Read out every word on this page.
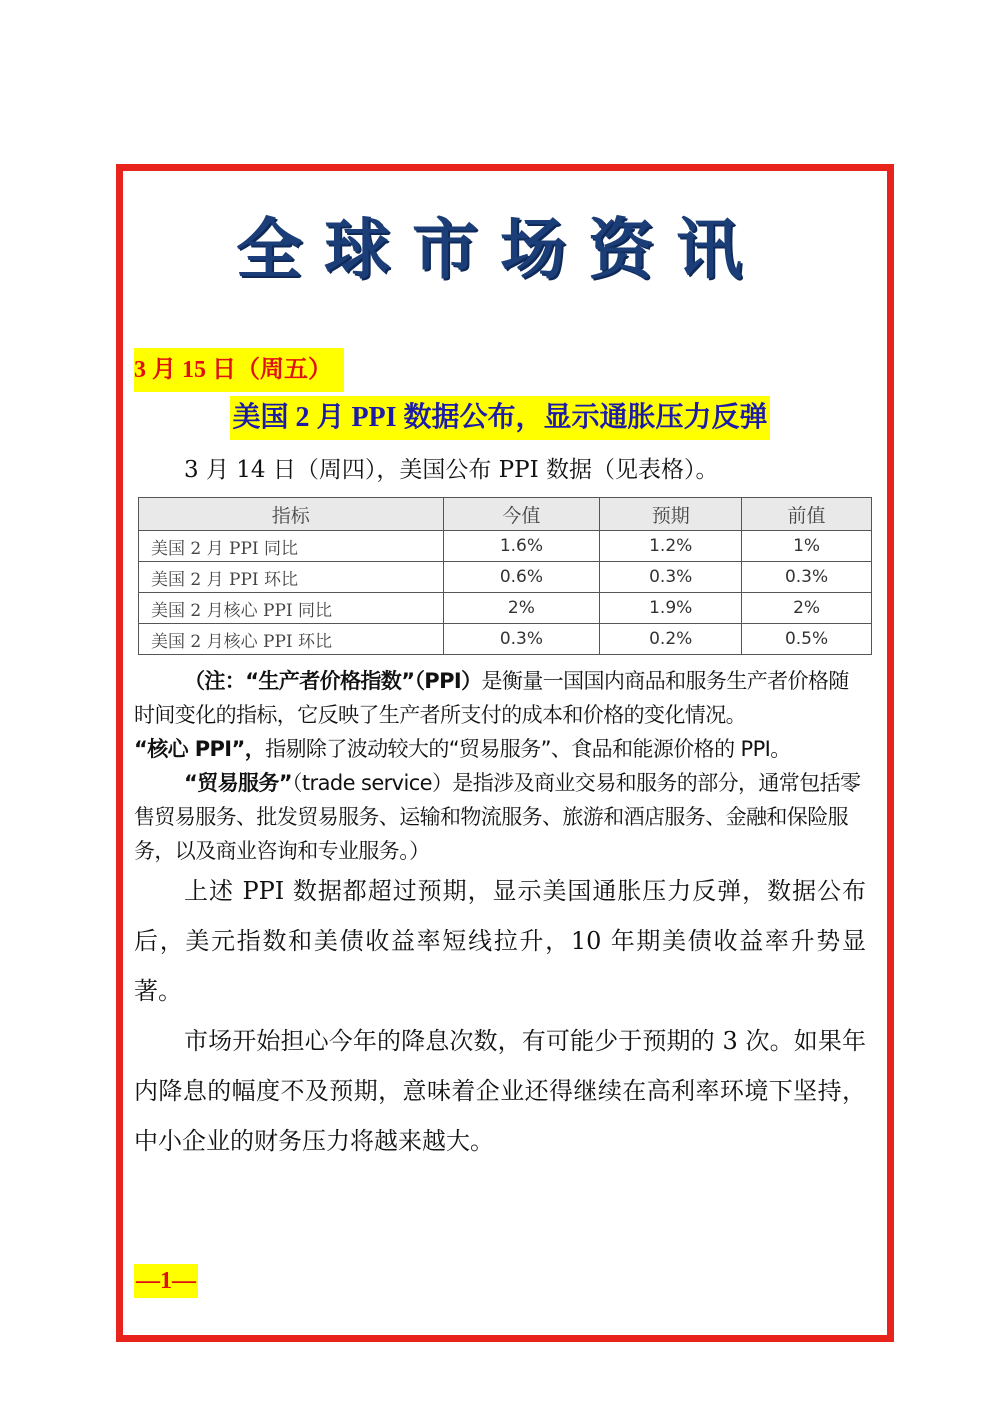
全球市场资讯
3 月 15 日（周五）
美国 2 月 PPI 数据公布，显示通胀压力反弹
3 月 14 日（周四），美国公布 PPI 数据（见表格）。
指标	今值	预期	前值
美国 2 月 PPI 同比	1.6%	1.2%	1%
美国 2 月 PPI 环比	0.6%	0.3%	0.3%
美国 2 月核心 PPI 同比	2%	1.9%	2%
美国 2 月核心 PPI 环比	0.3%	0.2%	0.5%

（注：“生产者价格指数”（PPI）是衡量一国国内商品和服务生产者价格随时间变化的指标，它反映了生产者所支付的成本和价格的变化情况。

“核心 PPI”，指剔除了波动较大的“贸易服务”、食品和能源价格的 PPI。

“贸易服务”（trade service）是指涉及商业交易和服务的部分，通常包括零售贸易服务、批发贸易服务、运输和物流服务、旅游和酒店服务、金融和保险服务，以及商业咨询和专业服务。）

上述 PPI 数据都超过预期，显示美国通胀压力反弹，数据公布后，美元指数和美债收益率短线拉升，10 年期美债收益率升势显著。

市场开始担心今年的降息次数，有可能少于预期的 3 次。如果年内降息的幅度不及预期，意味着企业还得继续在高利率环境下坚持，中小企业的财务压力将越来越大。

—1—
